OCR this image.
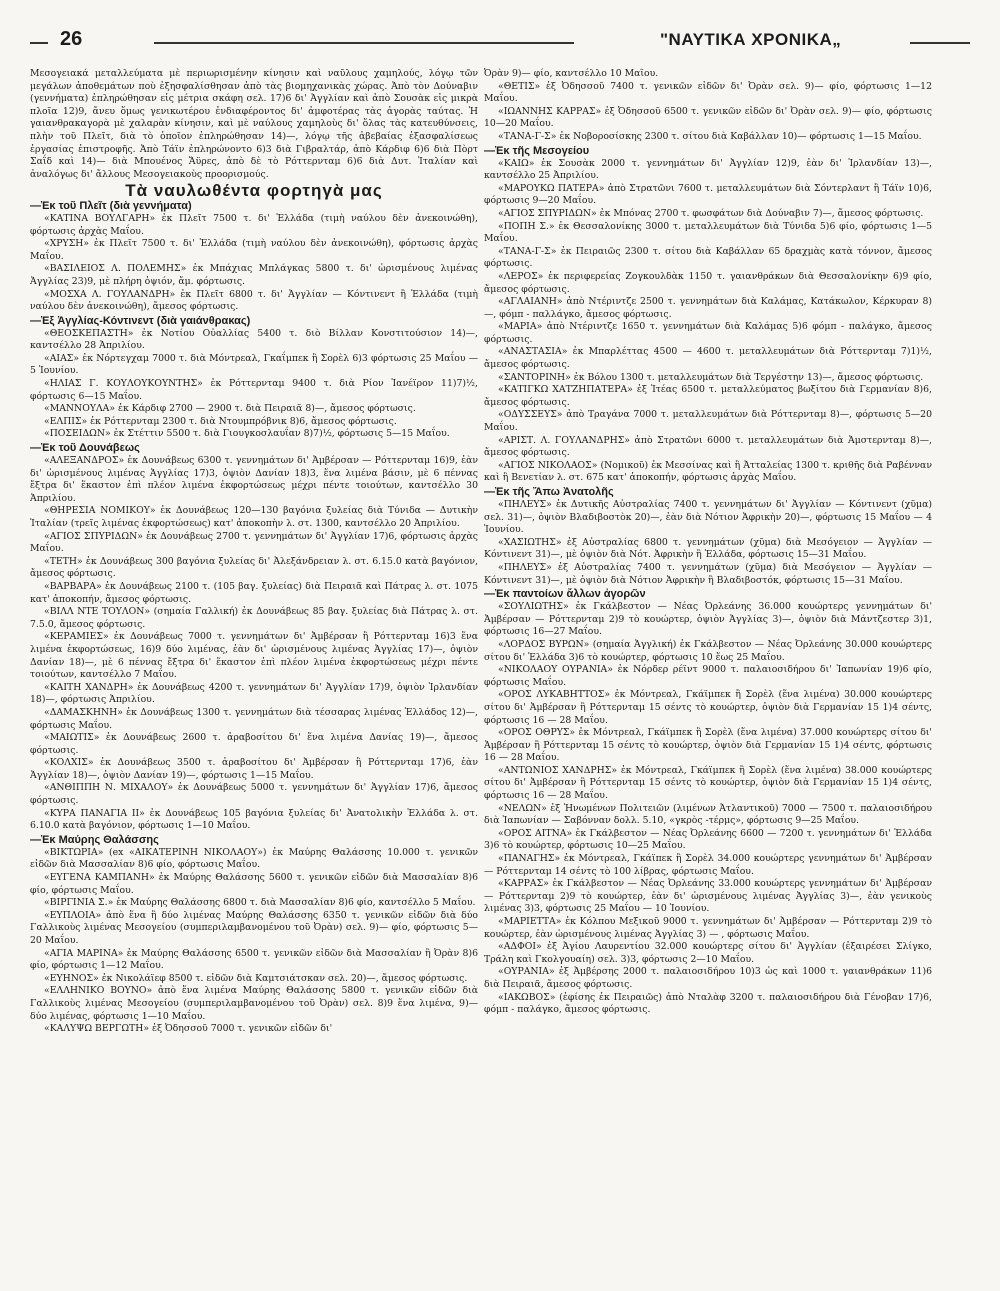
26	"ΝΑΥΤΙΚΑ ΧΡΟΝΙΚΑ„

Μεσογειακά μεταλλεύματα μὲ περιωρισμένην κίνησιν καὶ ναῦλους χαμηλούς, λόγῳ τῶν μεγάλων ἀποθεμάτων ποὺ ἐξησφαλίσθησαν ἀπὸ τὰς βιομηχανικὰς χώρας. Ἀπὸ τὸν Δούναβιν (γεννήματα) ἐπληρώθησαν εἰς μέτρια σκάφη σελ. 17)6 δι' Ἀγγλίαν καὶ ἀπὸ Σουσὰκ εἰς μικρὰ πλοῖα 12)9, ἄνευ ὅμως γενικωτέρου ἐνδιαφέροντος δι' ἀμφοτέρας τὰς ἀγορὰς ταύτας. Ἡ γαιανθρακαγορὰ μὲ χαλαρὰν κίνησιν, καὶ μὲ ναύλους χαμηλοὺς δι' ὅλας τὰς κατευθύνσεις, πλὴν τοῦ Πλεῖτ, διὰ τὸ ὁποῖον ἐπληρώθησαν 14)—, λόγῳ τῆς ἀβεβαίας ἐξασφαλίσεως ἐργασίας ἐπιστροφῆς. Ἀπὸ Τάϊν ἐπληρώνοντο 6)3 διὰ Γιβραλτάρ, ἀπὸ Κάρδιφ 6)6 διὰ Πὸρτ Σαΐδ καὶ 14)— διὰ Μπουένος Ἄϋρες, ἀπὸ δὲ τὸ Ρόττερνταμ 6)6 διὰ Δυτ. Ἰταλίαν καὶ ἀναλόγως δι' ἄλλους Μεσογειακοὺς προορισμούς.

Τὰ ναυλωθέντα φορτηγὰ μας
—Ἐκ τοῦ Πλεῖτ (διὰ γεννήματα)

«ΚΑΤΙΝΑ ΒΟΥΛΓΑΡΗ» ἐκ Πλεῖτ 7500 τ. δι' Ἑλλάδα (τιμὴ ναύλου δὲν ἀνεκοινώθη), φόρτωσις ἀρχὰς Μαΐου.

«ΧΡΥΣΗ» ἐκ Πλεῖτ 7500 τ. δι' Ἑλλάδα (τιμὴ ναύλου δὲν ἀνεκοινώθη), φόρτωσις ἀρχὰς Μαΐου.

«ΒΑΣΙΛΕΙΟΣ Λ. ΠΟΛΕΜΗΣ» ἐκ Μπάχιας Μπλάγκας 5800 τ. δι' ὡρισμένους λιμένας Ἀγγλίας 23)9, μὲ πλήρη ὀψιόν, ἄμ. φόρτωσις.

«ΜΟΣΧΑ Λ. ΓΟΥΛΑΝΔΡΗ» ἐκ Πλεῖτ 6800 τ. δι' Ἀγγλίαν — Κόντινεντ ἢ Ἑλλάδα (τιμὴ ναύλου δὲν ἀνεκοινώθη), ἄμεσος φόρτωσις.

—Ἐξ Ἀγγλίας-Κόντινεντ (διὰ γαιάνθρακας)

«ΘΕΟΣΚΕΠΑΣΤΗ» ἐκ Νοτίου Οὐαλλίας 5400 τ. διὸ Βίλλαν Κονστιτούσιον 14)—, καντσέλλο 28 Ἀπριλίου.

«ΑΙΑΣ» ἐκ Νόρτεγχαμ 7000 τ. διὰ Μόντρεαλ, Γκαΐμπεκ ἢ Σορὲλ 6)3 φόρτωσις 25 Μαΐου — 5 Ἰουνίου.

«ΗΛΙΑΣ Γ. ΚΟΥΛΟΥΚΟΥΝΤΗΣ» ἐκ Ρόττερνταμ 9400 τ. διὰ Ρίον Ἰανέϊρον 11)7)½, φόρτωσις 6—15 Μαΐου.

«ΜΑΝΝΟΥΛΑ» ἐκ Κάρδιφ 2700 — 2900 τ. διὰ Πειραιᾶ 8)—, ἄμεσος φόρτωσις.

«ΕΛΠΙΣ» ἐκ Ρόττερνταμ 2300 τ. διὰ Ντουμπρόβνικ 8)6, ἄμεσος φόρτωσις.

«ΠΟΣΕΙΔΩΝ» ἐκ Στέττιν 5500 τ. διὰ Γιουγκοσλαυΐαν 8)7)½, φόρτωσις 5—15 Μαΐου.

—Ἐκ τοῦ Δουνάβεως

«ΑΛΕΞΑΝΔΡΟΣ» ἐκ Δουνάβεως 6300 τ. γεννημάτων δι' Ἀμβέρσαν — Ρόττερνταμ 16)9, ἐὰν δι' ὡρισμένους λιμένας Ἀγγλίας 17)3, ὀψιὸν Δανίαν 18)3, ἕνα λιμένα βάσιν, μὲ 6 πέννας ἔξτρα δι' ἕκαστον ἐπὶ πλέον λιμένα ἐκφορτώσεως μέχρι πέντε τοιούτων, καντσέλλο 30 Ἀπριλίου.

«ΘΗΡΕΣΙΑ ΝΟΜΙΚΟΥ» ἐκ Δουνάβεως 120—130 βαγόνια ξυλείας διὰ Τύνιδα — Δυτικὴν Ἰταλίαν (τρεῖς λιμένας ἐκφορτώσεως) κατ' ἀποκοπὴν λ. στ. 1300, καντσέλλο 20 Ἀπριλίου.

«ΑΓΙΟΣ ΣΠΥΡΙΔΩΝ» ἐκ Δουνάβεως 2700 τ. γεννημάτων δι' Ἀγγλίαν 17)6, φόρτωσις ἀρχὰς Μαΐου.

«ΤΕΤΗ» ἐκ Δουνάβεως 300 βαγόνια ξυλείας δι' Ἀλεξάνδρειαν λ. στ. 6.15.0 κατὰ βαγόνιον, ἄμεσος φόρτωσις.

«ΒΑΡΒΑΡΑ» ἐκ Δουνάβεως 2100 τ. (105 βαγ. ξυλείας) διὰ Πειραιᾶ καὶ Πάτρας λ. στ. 1075 κατ' ἀποκοπήν, ἄμεσος φόρτωσις.

«ΒΙΛΛ ΝΤΕ ΤΟΥΛΟΝ» (σημαία Γαλλική) ἐκ Δουνάβεως 85 βαγ. ξυλείας διὰ Πάτρας λ. στ. 7.5.0, ἄμεσος φόρτωσις.

«ΚΕΡΑΜΙΕΣ» ἐκ Δουνάβεως 7000 τ. γεννημάτων δι' Ἀμβέρσαν ἢ Ρόττερνταμ 16)3 ἕνα λιμένα ἐκφορτώσεως, 16)9 δύο λιμένας, ἐὰν δι' ὡρισμένους λιμένας Ἀγγλίας 17)—, ὀψιὸν Δανίαν 18)—, μὲ 6 πέννας ἔξτρα δι' ἕκαστον ἐπὶ πλέον λιμένα ἐκφορτώσεως μέχρι πέντε τοιούτων, καντσέλλο 7 Μαΐου.

«ΚΑΙΤΗ ΧΑΝΔΡΗ» ἐκ Δουνάβεως 4200 τ. γεννημάτων δι' Ἀγγλίαν 17)9, ὀψιὸν Ἰρλανδίαν 18)—, φόρτωσις Ἀπριλίου.

«ΔΑΜΑΣΚΗΝΗ» ἐκ Δουνάβεως 1300 τ. γεννημάτων διὰ τέσσαρας λιμένας Ἑλλάδος 12)—, φόρτωσις Μαΐου.

«ΜΑΙΩΤΙΣ» ἐκ Δουνάβεως 2600 τ. ἀραβοσίτου δι' ἕνα λιμένα Δανίας 19)—, ἄμεσος φόρτωσις.

«ΚΟΛΧΙΣ» ἐκ Δουνάβεως 3500 τ. ἀραβοσίτου δι' Ἀμβέρσαν ἢ Ρόττερνταμ 17)6, ἐὰν Ἀγγλίαν 18)—, ὀψιὸν Δανίαν 19)—, φόρτωσις 1—15 Μαΐου.

«ΑΝΘΙΠΠΗ Ν. ΜΙΧΑΛΟΥ» ἐκ Δουνάβεως 5000 τ. γεννημάτων δι' Ἀγγλίαν 17)6, ἄμεσος φόρτωσις.

«ΚΥΡΑ ΠΑΝΑΓΙΑ ΙΙ» ἐκ Δουνάβεως 105 βαγόνια ξυλείας δι' Ἀνατολικὴν Ἑλλάδα λ. στ. 6.10.0 κατὰ βαγόνιον, φόρτωσις 1—10 Μαΐου.

—Ἐκ Μαύρης Θαλάσσης

«ΒΙΚΤΩΡΙΑ» (ex «ΑΙΚΑΤΕΡΙΝΗ ΝΙΚΟΛΑΟΥ») ἐκ Μαύρης Θαλάσσης 10.000 τ. γενικῶν εἰδῶν διὰ Μασσαλίαν 8)6 φίο, φόρτωσις Μαΐου.

«ΕΥΓΕΝΑ ΚΑΜΠΑΝΗ» ἐκ Μαύρης Θαλάσσης 5600 τ. γενικῶν εἰδῶν διὰ Μασσαλίαν 8)6 φίο, φόρτωσις Μαΐου.

«ΒΙΡΓΙΝΙΑ Σ.» ἐκ Μαύρης Θαλάσσης 6800 τ. διὰ Μασσαλίαν 8)6 φίο, καντσέλλο 5 Μαΐου.

«ΕΥΠΛΟΙΑ» ἀπὸ ἕνα ἢ δύο λιμένας Μαύρης Θαλάσσης 6350 τ. γενικῶν εἰδῶν διὰ δύο Γαλλικοὺς λιμένας Μεσογείου (συμπεριλαμβανομένου τοῦ Ὀρὰν) σελ. 9)— φίο, φόρτωσις 5—20 Μαΐου.

«ΑΓΙΑ ΜΑΡΙΝΑ» ἐκ Μαύρης Θαλάσσης 6500 τ. γενικῶν εἰδῶν διὰ Μασσαλίαν ἢ Ὀρὰν 8)6 φίο, φόρτωσις 1—12 Μαΐου.

«ΕΥΗΝΟΣ» ἐκ Νικολάϊεφ 8500 τ. εἰδῶν διὰ Καμτσιάτσκαν σελ. 20)—, ἄμεσος φόρτωσις.

«ΕΛΛΗΝΙΚΟ ΒΟΥΝΟ» ἀπὸ ἕνα λιμένα Μαύρης Θαλάσσης 5800 τ. γενικῶν εἰδῶν διὰ Γαλλικοὺς λιμένας Μεσογείου (συμπεριλαμβανομένου τοῦ Ὀρὰν) σελ. 8)9 ἕνα λιμένα, 9)— δύο λιμένας, φόρτωσις 1—10 Μαΐου.

«ΚΑΛΥΨΩ ΒΕΡΓΩΤΗ» ἐξ Ὀδησσοῦ 7000 τ. γενικῶν εἰδῶν δι'

Ὀρὰν 9)— φίο, καντσέλλο 10 Μαΐου.

«ΘΕΤΙΣ» ἐξ Ὀδησσοῦ 7400 τ. γενικῶν εἰδῶν δι' Ὀρὰν σελ. 9)— φίο, φόρτωσις 1—12 Μαΐου.

«ΙΩΑΝΝΗΣ ΚΑΡΡΑΣ» ἐξ Ὀδησσοῦ 6500 τ. γενικῶν εἰδῶν δι' Ὀρὰν σελ. 9)— φίο, φόρτωσις 10—20 Μαΐου.

«ΤΑΝΑ-Γ-Σ» ἐκ Νοβοροσίσκης 2300 τ. σίτου διὰ Καβάλλαν 10)— φόρτωσις 1—15 Μαΐου.

—Ἐκ τῆς Μεσογείου

«ΚΑΙΩ» ἐκ Σουσὰκ 2000 τ. γεννημάτων δι' Ἀγγλίαν 12)9, ἐὰν δι' Ἰρλανδίαν 13)—, καντσέλλο 25 Ἀπριλίου.

«ΜΑΡΟΥΚΩ ΠΑΤΕΡΑ» ἀπὸ Στρατῶνι 7600 τ. μεταλλευμάτων διὰ Σόντερλαντ ἢ Τάϊν 10)6, φόρτωσις 9—20 Μαΐου.

«ΑΓΙΟΣ ΣΠΥΡΙΔΩΝ» ἐκ Μπόνας 2700 τ. φωσφάτων διὰ Δούναβιν 7)—, ἄμεσος φόρτωσις.

«ΠΟΠΗ Σ.» ἐκ Θεσσαλονίκης 3000 τ. μεταλλευμάτων διὰ Τύνιδα 5)6 φίο, φόρτωσις 1—5 Μαΐου.

«ΤΑΝΑ-Γ-Σ» ἐκ Πειραιῶς 2300 τ. σίτου διὰ Καβάλλαν 65 δραχμὰς κατὰ τόννον, ἄμεσος φόρτωσις.

«ΛΕΡΟΣ» ἐκ περιφερείας Ζογκουλδὰκ 1150 τ. γαιανθράκων διὰ Θεσσαλονίκην 6)9 φίο, ἄμεσος φόρτωσις.

«ΑΓΛΑΙΑΝΗ» ἀπὸ Ντέριντζε 2500 τ. γεννημάτων διὰ Καλάμας, Κατάκωλον, Κέρκυραν 8)—, φόμπ - παλλάγκο, ἄμεσος φόρτωσις.

«ΜΑΡΙΑ» ἀπὸ Ντέριντζε 1650 τ. γεννημάτων διὰ Καλάμας 5)6 φόμπ - παλάγκο, ἄμεσος φόρτωσις.

«ΑΝΑΣΤΑΣΙΑ» ἐκ Μπαρλέττας 4500 — 4600 τ. μεταλλευμάτων διὰ Ρόττερνταμ 7)1)½, ἄμεσος φόρτωσις.

«ΣΑΝΤΟΡΙΝΗ» ἐκ Βόλου 1300 τ. μεταλλευμάτων διὰ Τεργέστην 13)—, ἄμεσος φόρτωσις.

«ΚΑΤΙΓΚΩ ΧΑΤΖΗΠΑΤΕΡΑ» ἐξ Ἰτέας 6500 τ. μεταλλεύματος βωξίτου διὰ Γερμανίαν 8)6, ἄμεσος φόρτωσις.

«ΟΔΥΣΣΕΥΣ» ἀπὸ Τραγάνα 7000 τ. μεταλλευμάτων διὰ Ρόττερνταμ 8)—, φόρτωσις 5—20 Μαΐου.

«ΑΡΙΣΤ. Λ. ΓΟΥΛΑΝΔΡΗΣ» ἀπὸ Στρατῶνι 6000 τ. μεταλλευμάτων διὰ Ἀμστερνταμ 8)—, ἄμεσος φόρτωσις.

«ΑΓΙΟΣ ΝΙΚΟΛΑΟΣ» (Νομικοῦ) ἐκ Μεσσίνας καὶ ἢ Ἀτταλείας 1300 τ. κριθῆς διὰ Ραβένναν καὶ ἢ Βενετίαν λ. στ. 675 κατ' ἀποκοπήν, φόρτωσις ἀρχὰς Μαΐου.

—Ἐκ τῆς Ἄπω Ἀνατολῆς

«ΠΗΛΕΥΣ» ἐκ Δυτικῆς Αὐστραλίας 7400 τ. γεννημάτων δι' Ἀγγλίαν — Κόντινεντ (χῦμα) σελ. 31)—, ὀψιὸν Βλαδιβοστὸκ 20)—, ἐὰν διὰ Νότιον Ἀφρικὴν 20)—, φόρτωσις 15 Μαΐου — 4 Ἰουνίου.

«ΧΑΣΙΩΤΗΣ» ἐξ Αὐστραλίας 6800 τ. γεννημάτων (χῦμα) διὰ Μεσόγειον — Ἀγγλίαν — Κόντινεντ 31)—, μὲ ὀψιὸν διὰ Νότ. Ἀφρικὴν ἢ Ἑλλάδα, φόρτωσις 15—31 Μαΐου.

«ΠΗΛΕΥΣ» ἐξ Αὐστραλίας 7400 τ. γεννημάτων (χῦμα) διὰ Μεσόγειον — Ἀγγλίαν — Κόντινεντ 31)—, μὲ ὀψιὸν διὰ Νότιον Ἀφρικὴν ἢ Βλαδιβοστόκ, φόρτωσις 15—31 Μαΐου.

—Ἐκ παντοίων ἄλλων ἀγορῶν

«ΣΟΥΛΙΩΤΗΣ» ἐκ Γκάλβεστον — Νέας Ὀρλεάνης 36.000 κουώρτερς γεννημάτων δι' Ἀμβέρσαν — Ρόττερνταμ 2)9 τὸ κουώρτερ, ὀψιὸν Ἀγγλίας 3)—, ὀψιὸν διὰ Μάντζεστερ 3)1, φόρτωσις 16—27 Μαΐου.

«ΛΟΡΔΟΣ ΒΥΡΩΝ» (σημαία Ἀγγλική) ἐκ Γκάλβεστον — Νέας Ὀρλεάνης 30.000 κουώρτερς σίτου δι' Ἑλλάδα 3)6 τὸ κουώρτερ, φόρτωσις 10 ἕως 25 Μαΐου.

«ΝΙΚΟΛΑΟΥ ΟΥΡΑΝΙΑ» ἐκ Νόρδερ ρέϊντ 9000 τ. παλαιοσιδήρου δι' Ἰαπωνίαν 19)6 φίο, φόρτωσις Μαΐου.

«ΟΡΟΣ ΛΥΚΑΒΗΤΤΟΣ» ἐκ Μόντρεαλ, Γκάϊμπεκ ἢ Σορὲλ (ἕνα λιμένα) 30.000 κουώρτερς σίτου δι' Ἀμβέρσαν ἢ Ρόττερνταμ 15 σέντς τὸ κουώρτερ, ὀψιὸν διὰ Γερμανίαν 15 1)4 σέντς, φόρτωσις 16 — 28 Μαΐου.

«ΟΡΟΣ ΟΘΡΥΣ» ἐκ Μόντρεαλ, Γκάϊμπεκ ἢ Σορὲλ (ἕνα λιμένα) 37.000 κουώρτερς σίτου δι' Ἀμβέρσαν ἢ Ρόττερνταμ 15 σέντς τὸ κουώρτερ, ὀψιὸν διὰ Γερμανίαν 15 1)4 σέντς, φόρτωσις 16 — 28 Μαΐου.

«ΑΝΤΩΝΙΟΣ ΧΑΝΔΡΗΣ» ἐκ Μόντρεαλ, Γκάϊμπεκ ἢ Σορὲλ (ἕνα λιμένα) 38.000 κουώρτερς σίτου δι' Ἀμβέρσαν ἢ Ρόττερνταμ 15 σέντς τὸ κουώρτερ, ὀψιὸν διὰ Γερμανίαν 15 1)4 σέντς, φόρτωσις 16 — 28 Μαΐου.

«ΝΕΛΩΝ» ἐξ Ἡνωμένων Πολιτειῶν (λιμένων Ἀτλαντικοῦ) 7000 — 7500 τ. παλαιοσιδήρου διὰ Ἰαπωνίαν — Σαβόνναν δολλ. 5.10, «γκρὸς -τέρμς», φόρτωσις 9—25 Μαΐου.

«ΟΡΟΣ ΑΙΤΝΑ» ἐκ Γκάλβεστον — Νέας Ὀρλεάνης 6600 — 7200 τ. γεννημάτων δι' Ἑλλάδα 3)6 τὸ κουώρτερ, φόρτωσις 10—25 Μαΐου.

«ΠΑΝΑΓΗΣ» ἐκ Μόντρεαλ, Γκάϊπεκ ἢ Σορὲλ 34.000 κουώρτερς γεννημάτων δι' Ἀμβέρσαν — Ρόττερνταμ 14 σέντς τὸ 100 λίβρας, φόρτωσις Μαΐου.

«ΚΑΡΡΑΣ» ἐκ Γκάλβεστον — Νέας Ὀρλεάνης 33.000 κουώρτερς γεννημάτων δι' Ἀμβέρσαν — Ρόττερνταμ 2)9 τὸ κουώρτερ, ἐὰν δι' ὡρισμένους λιμένας Ἀγγλίας 3)—, ἐὰν γενικοὺς λιμένας 3)3, φόρτωσις 25 Μαΐου — 10 Ἰουνίου.

«ΜΑΡΙΕΤΤΑ» ἐκ Κόλπου Μεξικοῦ 9000 τ. γεννημάτων δι' Ἀμβέρσαν — Ρόττερνταμ 2)9 τὸ κουώρτερ, ἐὰν ὡρισμένους λιμένας Ἀγγλίας 3) — , φόρτωσις Μαΐου.

«ΑΔΦΟΙ» ἐξ Ἀγίου Λαυρεντίου 32.000 κουώρτερς σίτου δι' Ἀγγλίαν (ἐξαιρέσει Σλίγκο, Τράλη καὶ Γκολγουαίη) σελ. 3)3, φόρτωσις 2—10 Μαΐου.

«ΟΥΡΑΝΙΑ» ἐξ Ἀμβέρσης 2000 τ. παλαιοσιδήρου 10)3 ὡς καὶ 1000 τ. γαιανθράκων 11)6 διὰ Πειραιᾶ, ἄμεσος φόρτωσις.

«ΙΑΚΩΒΟΣ» (ἐφίσης ἐκ Πειραιῶς) ἀπὸ Νταλὰφ 3200 τ. παλαιοσιδήρου διὰ Γένοβαν 17)6, φόμπ - παλάγκο, ἄμεσος φόρτωσις.
